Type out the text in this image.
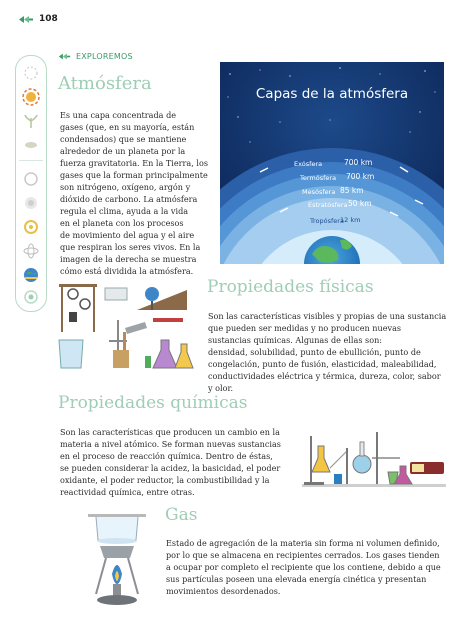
108
EXPLOREMOS
Atmósfera
Es una capa concentrada de
gases (que, en su mayoría, están
condensados) que se mantiene
alrededor de un planeta por la
fuerza gravitatoria. En la Tierra, los
gases que la forman principalmente
son nitrógeno, oxígeno, argón y
dióxido de carbono. La atmósfera
regula el clima, ayuda a la vida
en el planeta con los procesos
de movimiento del agua y el aire
que respiran los seres vivos. En la
imagen de la derecha se muestra
cómo está dividida la atmósfera.
Capas de la atmósfera
Exósfera	700 km
Termósfera 700 km
Mesósfera 85 km
Estratósfera 50 km
Tropósfera
12 km
Propiedades físicas
Son las características visibles y propias de una sustancia
que pueden ser medidas y no producen nuevas
sustancias químicas. Algunas de ellas son:
densidad, solubilidad, punto de ebullición, punto de
congelación, punto de fusión, elasticidad, maleabilidad,
conductividades eléctrica y térmica, dureza, color, sabor
y olor.
Propiedades químicas
Son las características que producen un cambio en la
materia a nivel atómico. Se forman nuevas sustancias
en el proceso de reacción química. Dentro de éstas,
se pueden considerar la acidez, la basicidad, el poder
oxidante, el poder reductor, la combustibilidad y la
reactividad química, entre otras.
Gas
Estado de agregación de la materia sin forma ni volumen definido,
por lo que se almacena en recipientes cerrados. Los gases tienden
a ocupar por completo el recipiente que los contiene, debido a que
sus partículas poseen una elevada energía cinética y presentan
movimientos desordenados.
